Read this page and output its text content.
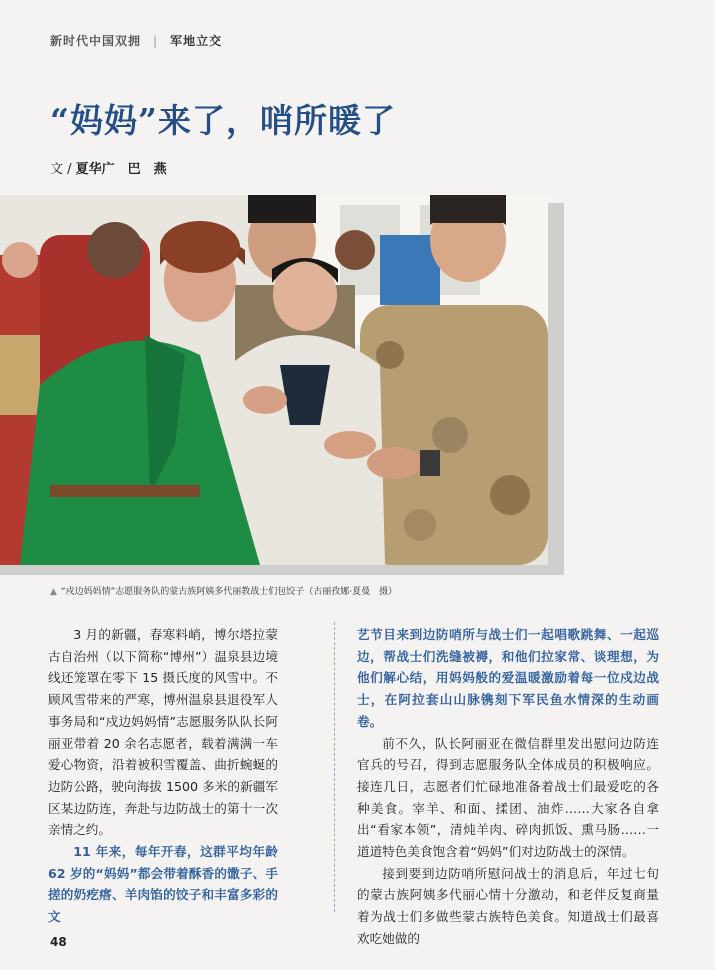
新时代中国双拥 | 军地立交
“妈妈”来了，哨所暖了
文 / 夏华广　巴　燕
▲ “戍边妈妈情”志愿服务队的蒙古族阿姨多代丽教战士们包饺子（古丽孜娜·夏曼　摄）

3 月的新疆，春寒料峭，博尔塔拉蒙古自治州（以下简称“博州”）温泉县边境线还笼罩在零下 15 摄氏度的风雪中。不顾风雪带来的严寒，博州温泉县退役军人事务局和“戍边妈妈情”志愿服务队队长阿丽亚带着 20 余名志愿者，载着满满一车爱心物资，沿着被积雪覆盖、曲折蜿蜒的边防公路，驶向海拔 1500 多米的新疆军区某边防连，奔赴与边防战士的第十一次亲情之约。

11 年来，每年开春，这群平均年龄 62 岁的“妈妈”都会带着酥香的馓子、手搓的奶疙瘩、羊肉馅的饺子和丰富多彩的文

艺节目来到边防哨所与战士们一起唱歌跳舞、一起巡边，帮战士们洗缝被褥，和他们拉家常、谈理想，为他们解心结，用妈妈般的爱温暖激励着每一位戍边战士，在阿拉套山山脉镌刻下军民鱼水情深的生动画卷。

前不久，队长阿丽亚在微信群里发出慰问边防连官兵的号召，得到志愿服务队全体成员的积极响应。接连几日，志愿者们忙碌地准备着战士们最爱吃的各种美食。宰羊、和面、揉团、油炸……大家各自拿出“看家本领”，清炖羊肉、碎肉抓饭、熏马肠……一道道特色美食饱含着“妈妈”们对边防战士的深情。

接到要到边防哨所慰问战士的消息后，年过七旬的蒙古族阿姨多代丽心情十分激动，和老伴反复商量着为战士们多做些蒙古族特色美食。知道战士们最喜欢吃她做的

48
